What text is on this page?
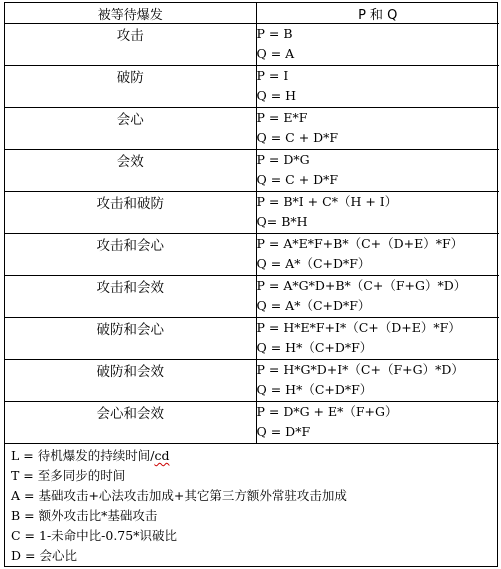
被等待爆发	P 和 Q
攻击	P = B
Q = A

破防	P = I
Q = H

会心	P = E*F
Q = C + D*F

会效	P = D*G
Q = C + D*F

攻击和破防	P = B*I + C*（H + I）
Q= B*H

攻击和会心	P = A*E*F+B*（C+（D+E）*F）
Q = A*（C+D*F）

攻击和会效	P = A*G*D+B*（C+（F+G）*D）
Q = A*（C+D*F）

破防和会心	P = H*E*F+I*（C+（D+E）*F）
Q = H*（C+D*F）

破防和会效	P = H*G*D+I*（C+（F+G）*D）
Q = H*（C+D*F）

会心和会效	P = D*G + E*（F+G）
Q = D*F
L = 待机爆发的持续时间/cd
T = 至多同步的时间
A = 基础攻击+心法攻击加成+其它第三方额外常驻攻击加成
B = 额外攻击比*基础攻击
C = 1-未命中比-0.75*识破比
D = 会心比
